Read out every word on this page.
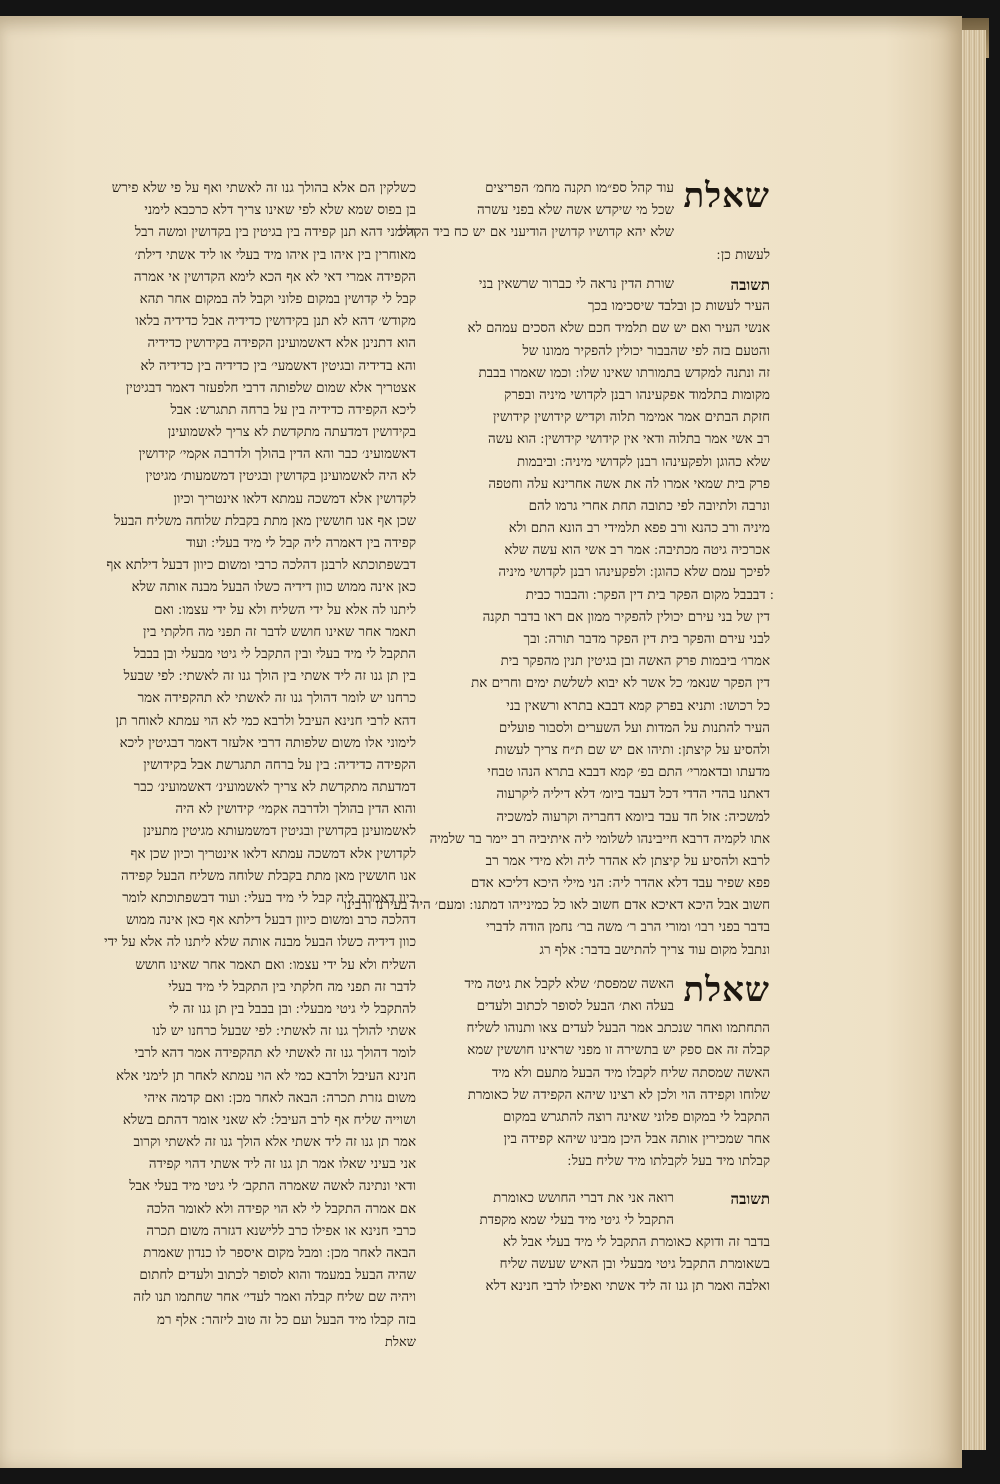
שאלת
עוד קהל ספ״מו תקנה מחמ׳ הפריצים
שכל מי שיקדש אשה שלא בפני עשרה
שלא יהא קדושיו קדושין הודיעני אם יש כח ביד הקהל
לעשות כן ׃
תשובה
שורת הדין נראה לי כברור שרשאין בני
העיר לעשות כן ובלבד שיסכימו בכך
אנשי העיר ואם יש שם תלמיד חכם שלא הסכים עמהם לא
והטעם בזה לפי שהבבור יכולין להפקיר ממונו של
זה ונתנה למקדש בתמורתו שאינו שלו ׃ וכמו שאמרו בבבת
מקומות בתלמוד אפקעינהו רבנן לקדושי מיניה ובפרק
חזקת הבתים אמר אמימר תלוה וקדיש קידושין קידושין
רב אשי אמר בתלוה ודאי אין קידושי קידושין ׃ הוא עשה
שלא כהוגן ולפקעינהו רבנן לקדושי מיניה ׃ וביבמות
פרק בית שמאי אמרו לה את אשה אחרינא עלה וחטפה
ונרבה ולתיובה לפי כתובה תחת אחרי גרמו להם
מיניה ורב כהנא ורב פפא תלמידי רב הונא התם ולא
אכרכיה גיטה מכתיבה ׃ אמר רב אשי הוא עשה שלא
לפיכך עמם שלא כהוגן ׃ ולפקעינהו רבנן לקדושי מיניה
׃ דבבבל מקום הפקר בית דין הפקר ׃ והבבור כבית
דין של בני עירם יכולין להפקיר ממון אם ראו בדבר תקנה
לבני עירם והפקר בית דין הפקר מדבר תורה ׃ ובך
אמרו׳ ביבמות פרק האשה ובן בגיטין תנין מהפקר בית
דין הפקר שנאמ׳ כל אשר לא יבוא לשלשת ימים וחרים את
כל רכושו ׃ ותניא בפרק קמא דבבא בתרא ורשאין בני
העיר להתנות על המדות ועל השערים ולסבור פועלים
ולהסיע על קיצתן ׃ ותיהו אם יש שם ת״ח צריך לעשות
מדעתו ובדאמרי׳ התם בפ׳ קמא דבבא בתרא הנהו טבחי
דאתנו בהדי הדדי דכל דעבד ביומ׳ דלא דיליה ליקרעוה
למשכיה ׃ אזל חד עבד ביומא דחבריה וקרעוה למשכיה
אתו לקמיה דרבא חייבינהו לשלומי ליה איתיביה רב יימר בר שלמיה
לרבא ולהסיע על קיצתן לא אהדר ליה ולא מידי אמר רב
פפא שפיר עבד דלא אהדר ליה ׃ הני מילי היכא דליכא אדם
חשוב אבל היכא דאיכא אדם חשוב לאו כל כמינייהו דמתנו ׃ ומעם׳ היה בעירנו ורבינו
בדבר בפני רבו׳ ומורי הרב ר׳ משה בר׳ נחמן הודה לדברי
ונתבל מקום עוד צריך להתישב בדבר ׃ אלף רג
שאלת
האשה שמפסת׳ שלא לקבל את גיטה מיד
בעלה ואת׳ הבעל לסופר לכתוב ולעדים
התחתמו ואחר שנכתב אמר הבעל לעדים צאו ותנוהו לשליח
קבלה זה אם ספק יש בתשירה זו מפני שראינו חוששין שמא
האשה שמסתה שליח לקבלו מיד הבעל מתעם ולא מיד
שלוחו וקפידה הוי ולכן לא רצינו שיהא הקפידה של כאומרת
התקבל לי במקום פלוני שאינה רוצה להתגרש במקום
אחר שמכירין אותה אבל היכן מבינו שיהא קפידה בין
קבלתו מיד בעל לקבלתו מיד שליח בעל ׃
תשובה
רואה אני את דברי החושש כאומרת
התקבל לי גיטי מיד בעלי שמא מקפדת
בדבר זה ודוקא כאומרת התקבל לי מיד בעלי אבל לא
בשאומרת התקבל גיטי מבעלי ובן האיש שעשה שליח
ואלבה ואמר תן גנו זה ליד אשתי ואפילו לרבי חנינא דלא
כשלקין הם אלא בהולך גנו זה לאשתי ואף על פי שלא פירש
בן בפוס שמא שלא לפי שאינו צריך דלא כרכבא לימני
ולימני דהא תנן קפידה בין בגיטין בין בקדושין ומשה רבל
מאוחרין בין איהו בין איהו מיד בעלי או ליד אשתי דילת׳
הקפידה אמרי דאי לא אף הכא לימא הקדושין אי אמרה
קבל לי קדושין במקום פלוני וקבל לה במקום אחר תהא
מקודש׳ דהא לא תנן בקידושין כדידיה אבל כדידיה בלאו
הוא דתנינן אלא דאשמועינן הקפידה בקידושין כדידיה
והא בדידיה ובגיטין דאשמעי׳ בין כדידיה בין כדידיה לא
אצטריך אלא שמום שלפותה דרבי חלפעזר דאמר דבגיטין
ליכא הקפידה כדידיה בין על ברחה תתגרש ׃ אבל
בקידושין דמדעתה מתקדשת לא צריך לאשמועינן
דאשמועינ׳ כבר והא הדין בהולך ולדרבה אקמי׳ קידושין
לא היה לאשמועינן בקדושין ובגיטין דמשמעות׳ מגיטין
לקדושין אלא דמשכה עמתא דלאו אינטריך וכיון
שכן אף אנו חוששין מאן מתת בקבלת שלוחה משליח הבעל
קפידה בין דאמרה ליה קבל לי מיד בעלי ׃ ועוד
דבשפתוכתא לרבנן דהלכה כרבי ומשום כיוון דבעל דילתא אף
כאן אינה ממוש כוון דידיה כשלו הבעל מבנה אותה שלא
ליתנו לה אלא על ידי השליח ולא על ידי עצמו ׃ ואם
תאמר אחר שאינו חושש לדבר זה תפני מה חלקתי בין
התקבל לי מיד בעלי ובין התקבל לי גיטי מבעלי ובן בבבל
בין תן גנו זה ליד אשתי בין הולך גנו זה לאשתי ׃ לפי שבעל
כרחנו יש לומר דהולך גנו זה לאשתי לא תהקפידה אמר
דהא לרבי חנינא העיבל ולרבא כמי לא הוי עמתא לאוחר תן
לימוני אלו משום שלפותה דרבי אלעזר דאמר דבגיטין ליכא
הקפידה כדידיה ׃ בין על ברחה תתגרשת אבל בקידושין
דמדעתה מתקדשת לא צריך לאשמועינ׳ דאשמועינ׳ כבר
והוא הדין בהולך ולדרבה אקמי׳ קידושין לא היה
לאשמועינן בקדושין ובגיטין דמשמעותא מגיטין מתעינן
לקדושין אלא דמשכה עמתא דלאו אינטריך וכיון שכן אף
אנו חוששין מאן מתת בקבלת שלוחה משליח הבעל קפידה
כיון דאמרה ליה קבל לי מיד בעלי ׃ ועוד דבשפתוכתא לומר
דהלכה כרב ומשום כיוון דבעל דילתא אף כאן אינה ממוש
כוון דידיה כשלו הבעל מבנה אותה שלא ליתנו לה אלא על ידי
השליח ולא על ידי עצמו ׃ ואם תאמר אחר שאינו חושש
לדבר זה תפני מה חלקתי בין התקבל לי מיד בעלי
להתקבל לי גיטי מבעלי ׃ ובן בבבל בין תן גנו זה לי
אשתי להולך גנו זה לאשתי ׃ לפי שבעל כרחנו יש לנו
לומר דהולך גנו זה לאשתי לא תהקפידה אמר דהא לרבי
חנינא העיבל ולרבא כמי לא הוי עמתא לאחר תן לימני אלא
משום גזרת תכרה ׃ הבאה לאחר מכן ׃ ואם קדמה איהי
ושוייה שליח אף לרב העיבל ׃ לא שאני אומר דהתם בשלא
אמר תן גנו זה ליד אשתי אלא הולך גנו זה לאשתי וקרוב
אני בעיני שאלו אמר תן גנו זה ליד אשתי דהוי קפידה
ודאי ונתינה לאשה שאמרה התקב׳ לי גיטי מיד בעלי אבל
אם אמרה התקבל לי לא הוי קפידה ולא לאומר הלכה
כרבי חנינא או אפילו כרב ללישנא דגזרה משום תכרה
הבאה לאחר מכן ׃ ומבל מקום איספר לו כנדון שאמרת
שהיה הבעל במעמד והוא לסופר לכתוב ולעדים לחתום
ויהיה שם שליח קבלה ואמר לעדי׳ אחר שחתמו תנו לזה
בזה קבלו מיד הבעל ועם כל זה טוב ליזהר ׃ אלף רמ
שאלת
